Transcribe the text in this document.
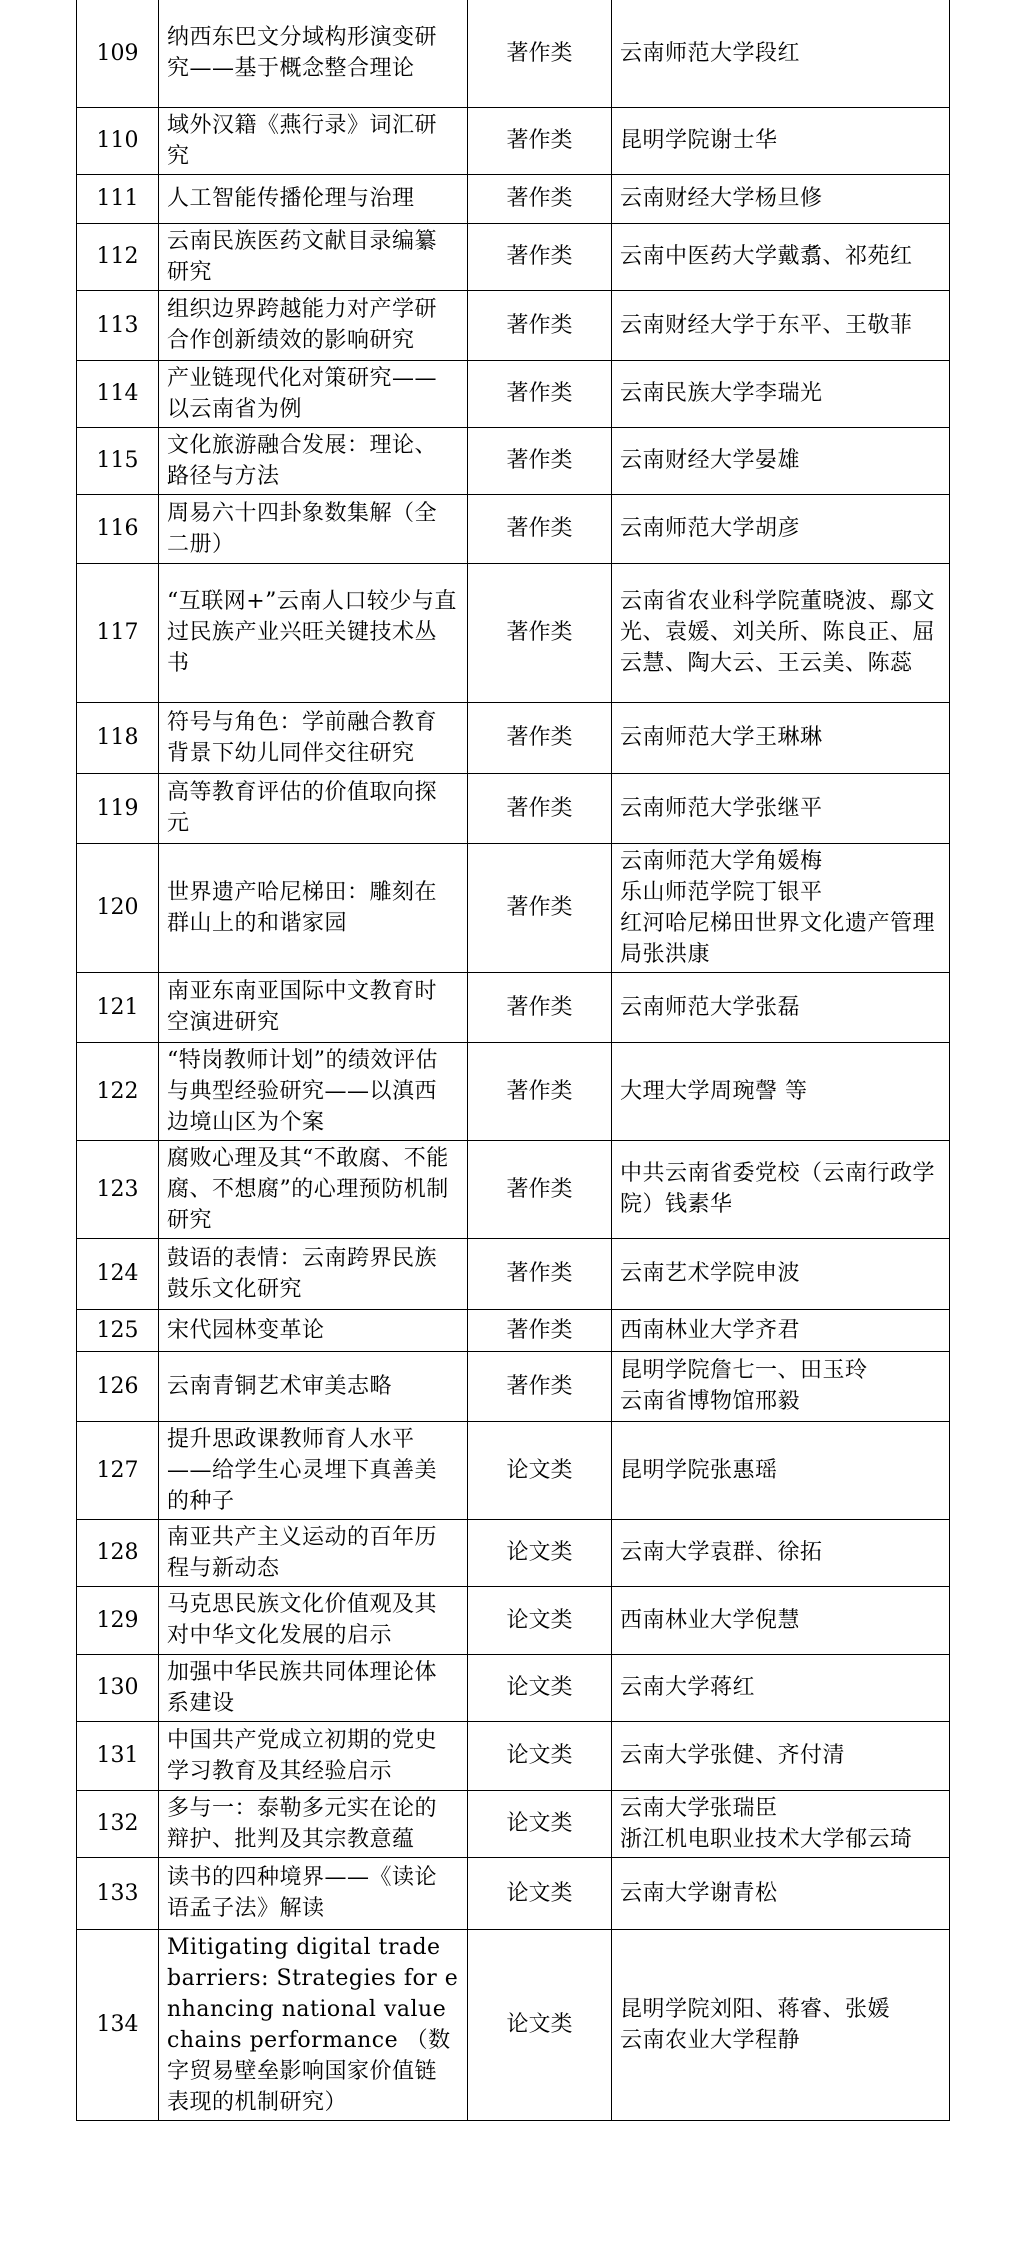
109	纳西东巴文分域构形演变研究——基于概念整合理论	著作类	云南师范大学段红

110	域外汉籍《燕行录》词汇研究	著作类	昆明学院谢士华

111	人工智能传播伦理与治理	著作类	云南财经大学杨旦修

112	云南民族医药文献目录编纂研究	著作类	云南中医药大学戴翥、祁苑红

113	组织边界跨越能力对产学研合作创新绩效的影响研究	著作类	云南财经大学于东平、王敬菲

114	产业链现代化对策研究——以云南省为例	著作类	云南民族大学李瑞光

115	文化旅游融合发展：理论、路径与方法	著作类	云南财经大学晏雄

116	周易六十四卦象数集解（全二册）	著作类	云南师范大学胡彦

117	“互联网+”云南人口较少与直过民族产业兴旺关键技术丛书	著作类	云南省农业科学院董晓波、鄢文光、袁媛、刘关所、陈良正、屈云慧、陶大云、王云美、陈蕊

118	符号与角色：学前融合教育背景下幼儿同伴交往研究	著作类	云南师范大学王琳琳

119	高等教育评估的价值取向探元	著作类	云南师范大学张继平

120	世界遗产哈尼梯田：雕刻在群山上的和谐家园	著作类	云南师范大学角媛梅
乐山师范学院丁银平
红河哈尼梯田世界文化遗产管理局张洪康

121	南亚东南亚国际中文教育时空演进研究	著作类	云南师范大学张磊

122	“特岗教师计划”的绩效评估与典型经验研究——以滇西边境山区为个案	著作类	大理大学周琬謦 等

123	腐败心理及其“不敢腐、不能腐、不想腐”的心理预防机制研究	著作类	中共云南省委党校（云南行政学院）钱素华

124	鼓语的表情：云南跨界民族鼓乐文化研究	著作类	云南艺术学院申波

125	宋代园林变革论	著作类	西南林业大学齐君

126	云南青铜艺术审美志略	著作类	昆明学院詹七一、田玉玲
云南省博物馆邢毅

127	提升思政课教师育人水平——给学生心灵埋下真善美的种子	论文类	昆明学院张惠瑶

128	南亚共产主义运动的百年历程与新动态	论文类	云南大学袁群、徐拓

129	马克思民族文化价值观及其对中华文化发展的启示	论文类	西南林业大学倪慧

130	加强中华民族共同体理论体系建设	论文类	云南大学蒋红

131	中国共产党成立初期的党史学习教育及其经验启示	论文类	云南大学张健、齐付清

132	多与一：泰勒多元实在论的辩护、批判及其宗教意蕴	论文类	云南大学张瑞臣
浙江机电职业技术大学郁云琦

133	读书的四种境界——《读论语孟子法》解读	论文类	云南大学谢青松

134	Mitigating digital trade barriers: Strategies for enhancing national value chains performance （数字贸易壁垒影响国家价值链表现的机制研究）	论文类	昆明学院刘阳、蒋睿、张媛
云南农业大学程静
